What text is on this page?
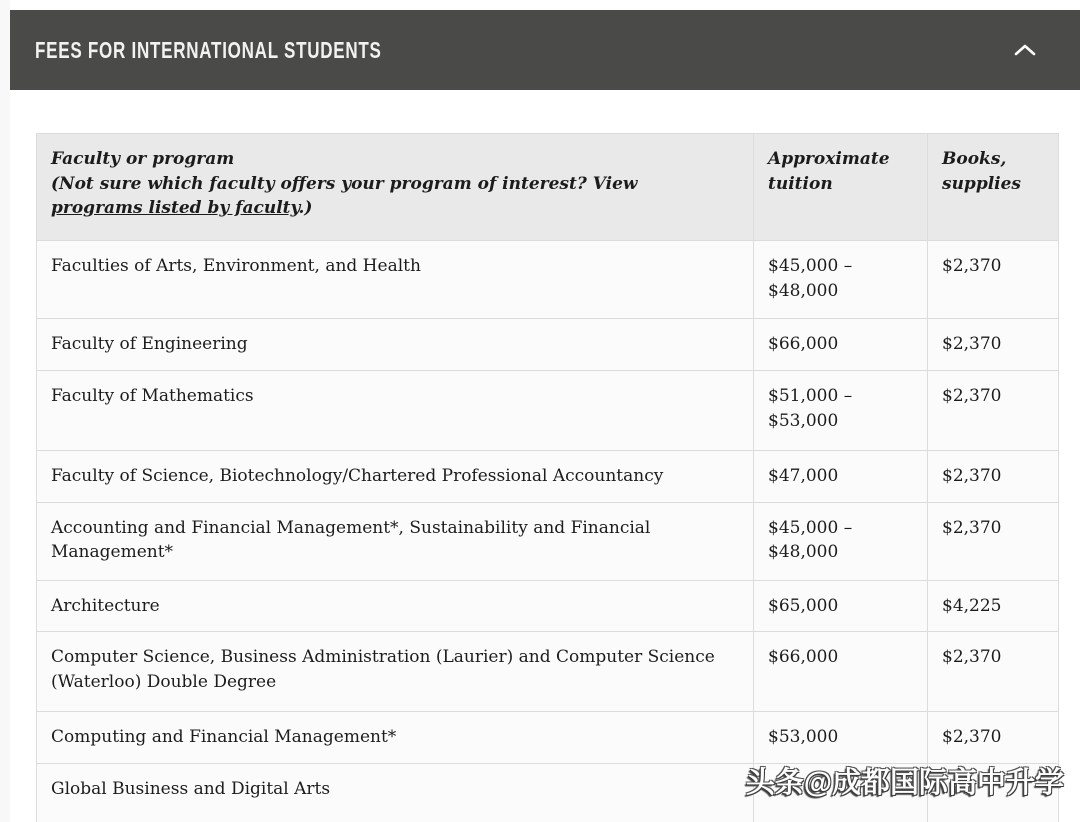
FEES FOR INTERNATIONAL STUDENTS
Faculty or program
(Not sure which faculty offers your program of interest? View
programs listed by faculty.)	Approximate tuition	Books, supplies
Faculties of Arts, Environment, and Health	$45,000 – $48,000	$2,370
Faculty of Engineering	$66,000	$2,370
Faculty of Mathematics	$51,000 – $53,000	$2,370
Faculty of Science, Biotechnology/Chartered Professional Accountancy	$47,000	$2,370
Accounting and Financial Management*, Sustainability and Financial Management*	$45,000 – $48,000	$2,370
Architecture	$65,000	$4,225
Computer Science, Business Administration (Laurier) and Computer Science (Waterloo) Double Degree	$66,000	$2,370
Computing and Financial Management*	$53,000	$2,370
Global Business and Digital Arts			头条@成都国际高中升学
